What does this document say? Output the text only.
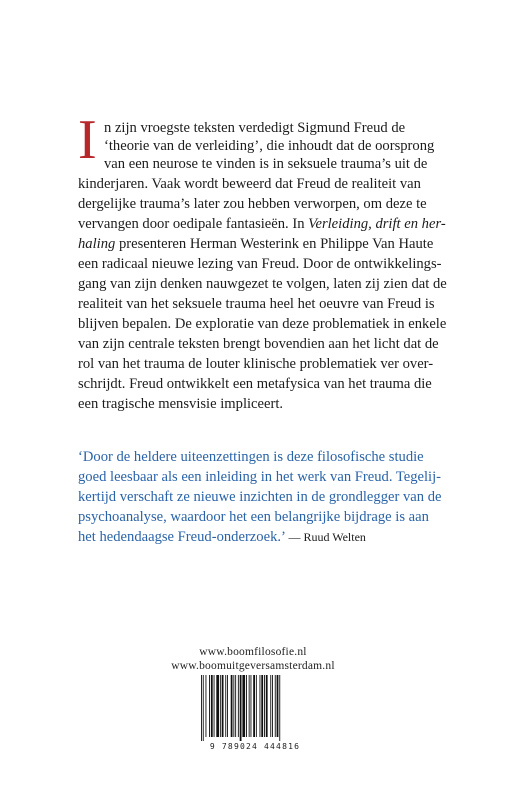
I n zijn vroegste teksten verdedigt Sigmund Freud de
‘theorie van de verleiding’, die inhoudt dat de oorsprong
van een neurose te vinden is in seksuele trauma’s uit de
kinderjaren. Vaak wordt beweerd dat Freud de realiteit van
dergelijke trauma’s later zou hebben verworpen, om deze te
vervangen door oedipale fantasieën. In Verleiding, drift en her-
haling presenteren Herman Westerink en Philippe Van Haute
een radicaal nieuwe lezing van Freud. Door de ontwikkelings-
gang van zijn denken nauwgezet te volgen, laten zij zien dat de
realiteit van het seksuele trauma heel het oeuvre van Freud is
blijven bepalen. De exploratie van deze problematiek in enkele
van zijn centrale teksten brengt bovendien aan het licht dat de
rol van het trauma de louter klinische problematiek ver over-
schrijdt. Freud ontwikkelt een metafysica van het trauma die
een tragische mensvisie impliceert.
‘Door de heldere uiteenzettingen is deze filosofische studie
goed leesbaar als een inleiding in het werk van Freud. Tegelij-
kertijd verschaft ze nieuwe inzichten in de grondlegger van de
psychoanalyse, waardoor het een belangrijke bijdrage is aan
het hedendaagse Freud-onderzoek.’ — Ruud Welten
www.boomfilosofie.nl
www.boomuitgeversamsterdam.nl
9 789024 444816
